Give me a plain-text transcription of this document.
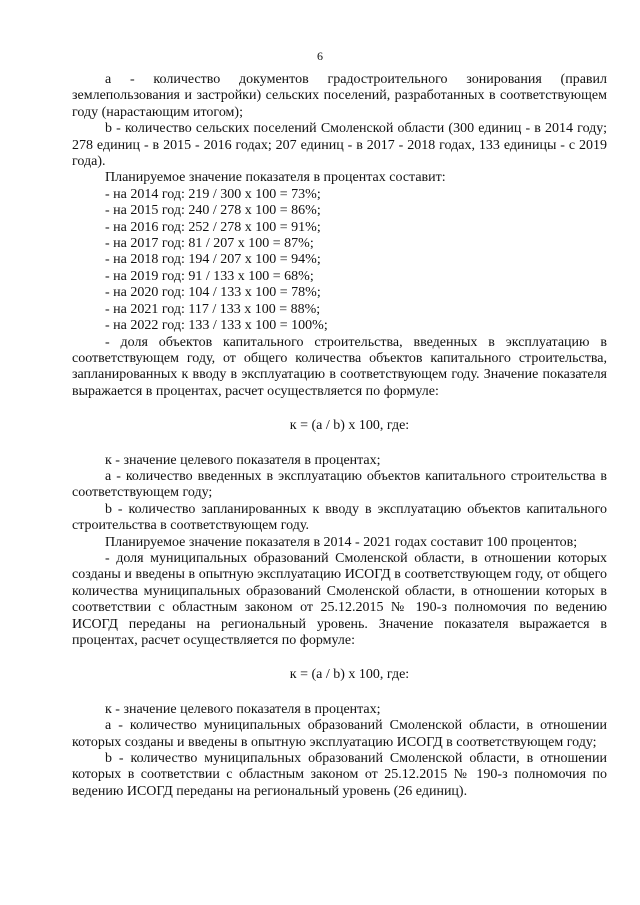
6

a - количество документов градостроительного зонирования (правил землепользования и застройки) сельских поселений, разработанных в соответствующем году (нарастающим итогом);

b - количество сельских поселений Смоленской области (300 единиц - в 2014 году; 278 единиц - в 2015 - 2016 годах; 207 единиц - в 2017 - 2018 годах, 133 единицы - с 2019 года).

Планируемое значение показателя в процентах составит:

- на 2014 год: 219 / 300 x 100 = 73%;

- на 2015 год: 240 / 278 x 100 = 86%;

- на 2016 год: 252 / 278 x 100 = 91%;

- на 2017 год: 81 / 207 x 100 = 87%;

- на 2018 год: 194 / 207 x 100 = 94%;

- на 2019 год: 91 / 133 x 100 = 68%;

- на 2020 год: 104 / 133 x 100 = 78%;

- на 2021 год: 117 / 133 x 100 = 88%;

- на 2022 год: 133 / 133 x 100 = 100%;

- доля объектов капитального строительства, введенных в эксплуатацию в соответствующем году, от общего количества объектов капитального строительства, запланированных к вводу в эксплуатацию в соответствующем году. Значение показателя выражается в процентах, расчет осуществляется по формуле:

к = (a / b) x 100, где:

к - значение целевого показателя в процентах;

a - количество введенных в эксплуатацию объектов капитального строительства в соответствующем году;

b - количество запланированных к вводу в эксплуатацию объектов капитального строительства в соответствующем году.

Планируемое значение показателя в 2014 - 2021 годах составит 100 процентов;

- доля муниципальных образований Смоленской области, в отношении которых созданы и введены в опытную эксплуатацию ИСОГД в соответствующем году, от общего количества муниципальных образований Смоленской области, в отношении которых в соответствии с областным законом от 25.12.2015 № 190-з полномочия по ведению ИСОГД переданы на региональный уровень. Значение показателя выражается в процентах, расчет осуществляется по формуле:

к = (a / b) x 100, где:

к - значение целевого показателя в процентах;

a - количество муниципальных образований Смоленской области, в отношении которых созданы и введены в опытную эксплуатацию ИСОГД в соответствующем году;

b - количество муниципальных образований Смоленской области, в отношении которых в соответствии с областным законом от 25.12.2015 № 190-з полномочия по ведению ИСОГД переданы на региональный уровень (26 единиц).
